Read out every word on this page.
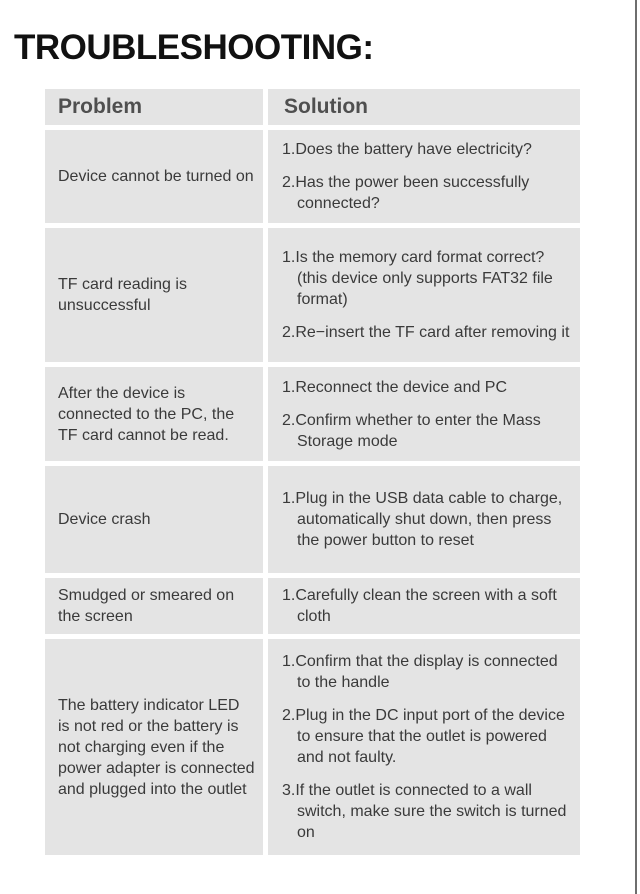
TROUBLESHOOTING:
Problem	Solution
Device cannot be turned on
1.Does the battery have electricity?
2.Has the power been successfully connected?
TF card reading is unsuccessful
1.Is the memory card format correct? (this device only supports FAT32 file format)
2.Re−insert the TF card after removing it
After the device is connected to the PC, the TF card cannot be read.
1.Reconnect the device and PC
2.Confirm whether to enter the Mass Storage mode
Device crash
1.Plug in the USB data cable to charge, automatically shut down, then press the power button to reset
Smudged or smeared on the screen
1.Carefully clean the screen with a soft cloth
The battery indicator LED is not red or the battery is not charging even if the power adapter is connected and plugged into the outlet
1.Confirm that the display is connected to the handle
2.Plug in the DC input port of the device to ensure that the outlet is powered and not faulty.
3.If the outlet is connected to a wall switch, make sure the switch is turned on
